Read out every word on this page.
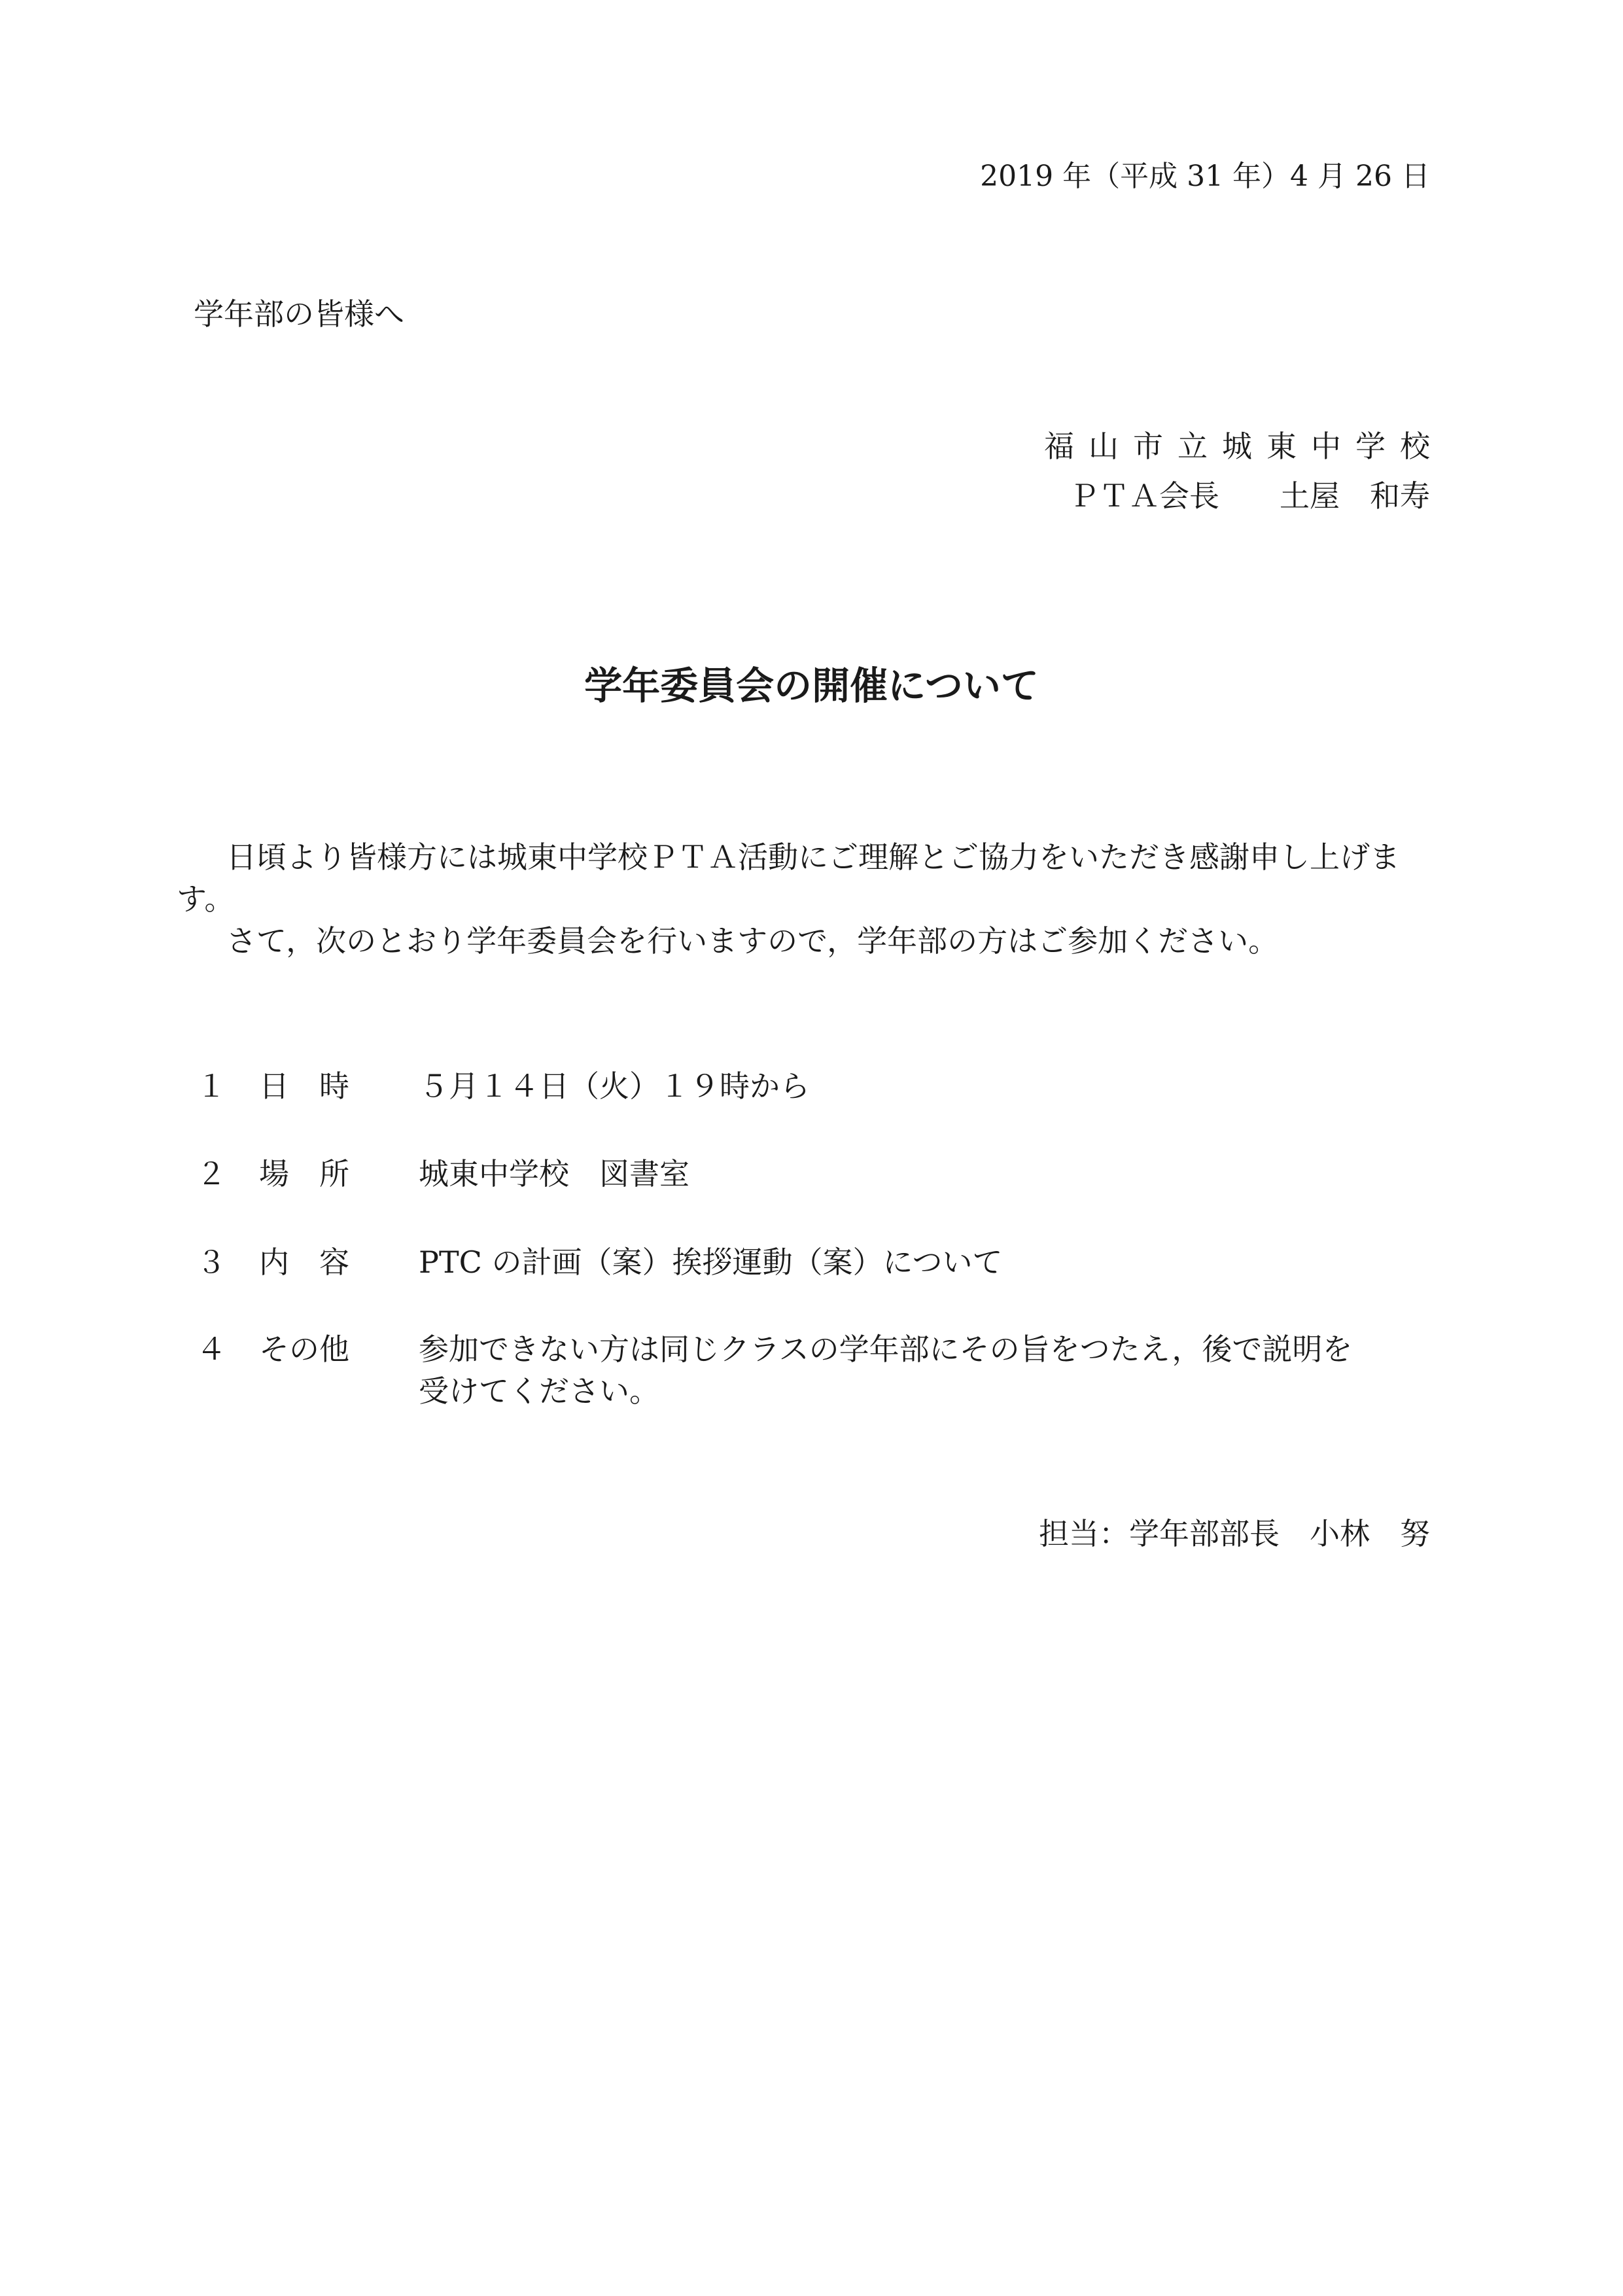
2019 年（平成 31 年）4 月 26 日

学年部の皆様へ

福山市立城東中学校

ＰＴＡ会長　　土屋　和寿

学年委員会の開催について

日頃より皆様方には城東中学校ＰＴＡ活動にご理解とご協力をいただき感謝申し上げます。

さて，次のとおり学年委員会を行いますので，学年部の方はご参加ください。

１	日　時	５月１４日（火）１９時から
２	場　所	城東中学校　図書室
３	内　容	PTC の計画（案）挨拶運動（案）について
４	その他	参加できない方は同じクラスの学年部にその旨をつたえ，後で説明を
受けてください。

担当：学年部部長　小林　努
